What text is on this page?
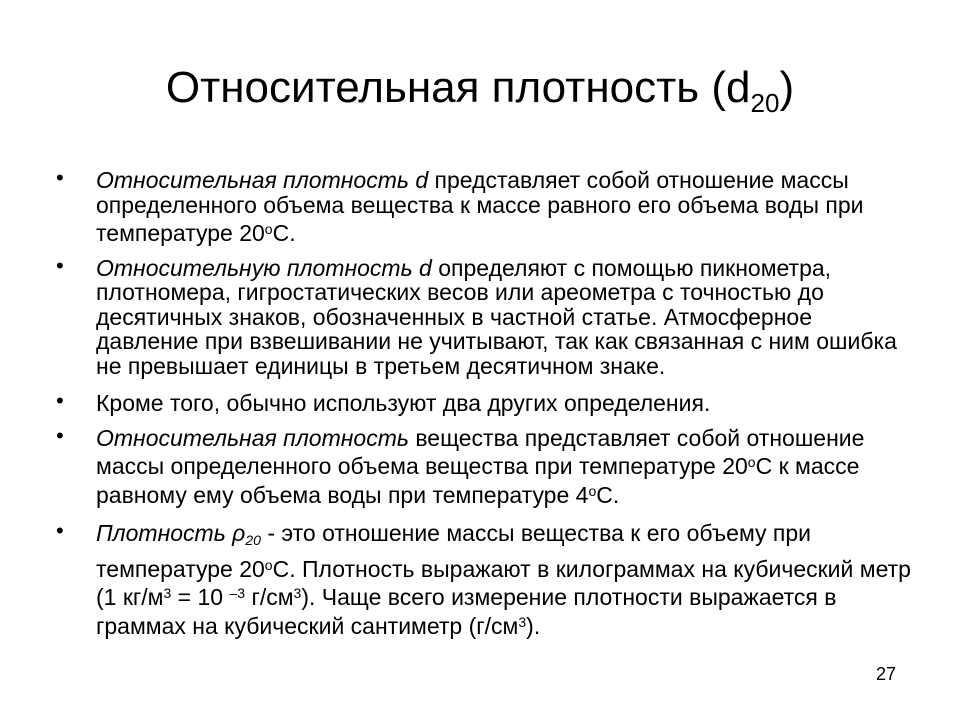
Относительная плотность $(d_{20})$
• Относительная плотность d представляет собой отношение массы определенного объема вещества к массе равного его объема воды при температуре 20$^o$С.
• Относительную плотность d определяют с помощью пикнометра, плотномера, гигростатических весов или ареометра с точностью до десятичных знаков, обозначенных в частной статье. Атмосферное давление при взвешивании не учитывают, так как связанная с ним ошибка не превышает единицы в третьем десятичном знаке.
• Кроме того, обычно используют два других определения.
• Относительная плотность вещества представляет собой отношение массы определенного объема вещества при температуре 20$^o$С к массе равному ему объема воды при температуре 4$^o$С.
• Плотность ρ20 - это отношение массы вещества к его объему при температуре 20$^o$С. Плотность выражают в килограммах на кубический метр (1 $кг/м^3 = 10$ $^{-3}$ $г/см^3$). Чаще всего измерение плотности выражается в граммах на кубический сантиметр $(г/см^3)$.
27
